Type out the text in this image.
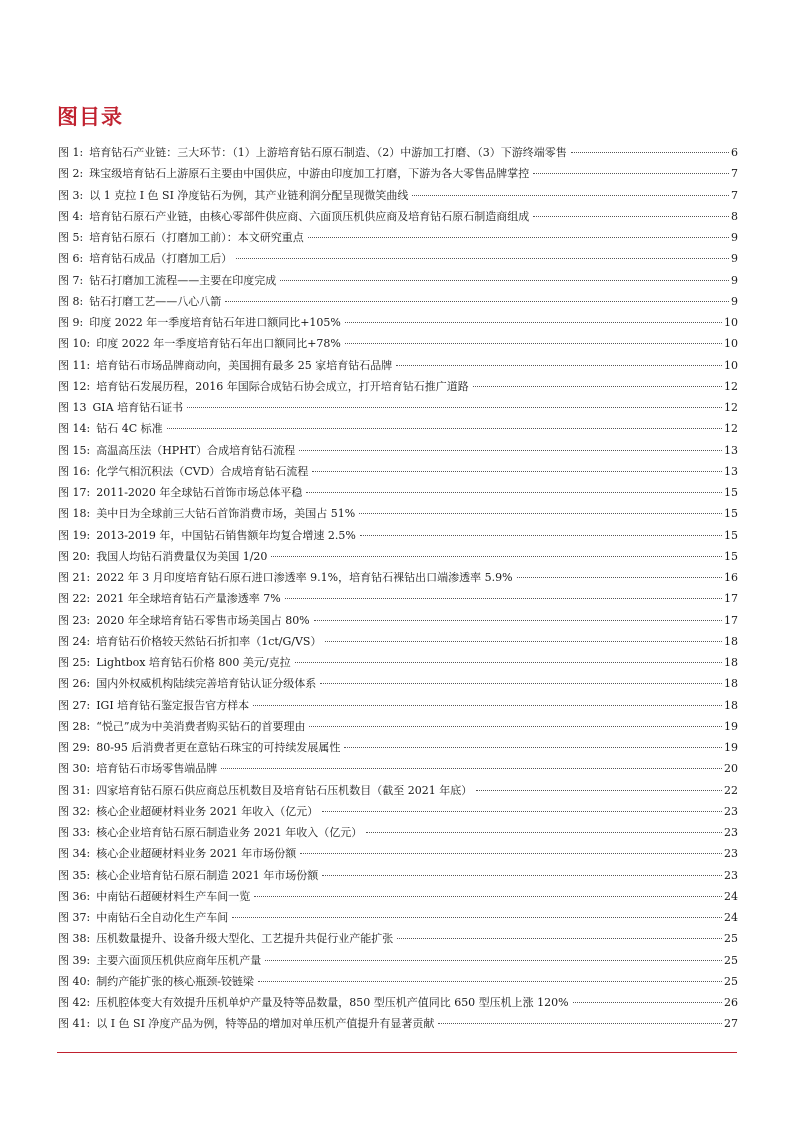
图目录
图 1: 培育钻石产业链：三大环节：（1）上游培育钻石原石制造、（2）中游加工打磨、（3）下游终端零售	6
图 2: 珠宝级培育钻石上游原石主要由中国供应，中游由印度加工打磨，下游为各大零售品牌掌控	7
图 3: 以 1 克拉 I 色 SI 净度钻石为例，其产业链利润分配呈现微笑曲线	7
图 4: 培育钻石原石产业链，由核心零部件供应商、六面顶压机供应商及培育钻石原石制造商组成	8
图 5: 培育钻石原石（打磨加工前）：本文研究重点	9
图 6: 培育钻石成品（打磨加工后）	9
图 7: 钻石打磨加工流程——主要在印度完成	9
图 8: 钻石打磨工艺——八心八箭	9
图 9: 印度 2022 年一季度培育钻石年进口额同比+105%	10
图 10: 印度 2022 年一季度培育钻石年出口额同比+78%	10
图 11: 培育钻石市场品牌商动向，美国拥有最多 25 家培育钻石品牌	10
图 12: 培育钻石发展历程，2016 年国际合成钻石协会成立，打开培育钻石推广道路	12
图 13 GIA 培育钻石证书	12
图 14: 钻石 4C 标准	12
图 15: 高温高压法（HPHT）合成培育钻石流程	13
图 16: 化学气相沉积法（CVD）合成培育钻石流程	13
图 17: 2011-2020 年全球钻石首饰市场总体平稳	15
图 18: 美中日为全球前三大钻石首饰消费市场，美国占 51%	15
图 19: 2013-2019 年，中国钻石销售额年均复合增速 2.5%	15
图 20: 我国人均钻石消费量仅为美国 1/20	15
图 21: 2022 年 3 月印度培育钻石原石进口渗透率 9.1%，培育钻石裸钻出口端渗透率 5.9%	16
图 22: 2021 年全球培育钻石产量渗透率 7%	17
图 23: 2020 年全球培育钻石零售市场美国占 80%	17
图 24: 培育钻石价格较天然钻石折扣率（1ct/G/VS）	18
图 25: Lightbox 培育钻石价格 800 美元/克拉	18
图 26: 国内外权威机构陆续完善培育钻认证分级体系	18
图 27: IGI 培育钻石鉴定报告官方样本	18
图 28: “悦己”成为中美消费者购买钻石的首要理由	19
图 29: 80-95 后消费者更在意钻石珠宝的可持续发展属性	19
图 30: 培育钻石市场零售端品牌	20
图 31: 四家培育钻石原石供应商总压机数目及培育钻石压机数目（截至 2021 年底）	22
图 32: 核心企业超硬材料业务 2021 年收入（亿元）	23
图 33: 核心企业培育钻石原石制造业务 2021 年收入（亿元）	23
图 34: 核心企业超硬材料业务 2021 年市场份额	23
图 35: 核心企业培育钻石原石制造 2021 年市场份额	23
图 36: 中南钻石超硬材料生产车间一览	24
图 37: 中南钻石全自动化生产车间	24
图 38: 压机数量提升、设备升级大型化、工艺提升共促行业产能扩张	25
图 39: 主要六面顶压机供应商年压机产量	25
图 40: 制约产能扩张的核心瓶颈-铰链梁	25
图 42: 压机腔体变大有效提升压机单炉产量及特等品数量，850 型压机产值同比 650 型压机上涨 120%	26
图 41: 以 I 色 SI 净度产品为例，特等品的增加对单压机产值提升有显著贡献	27
